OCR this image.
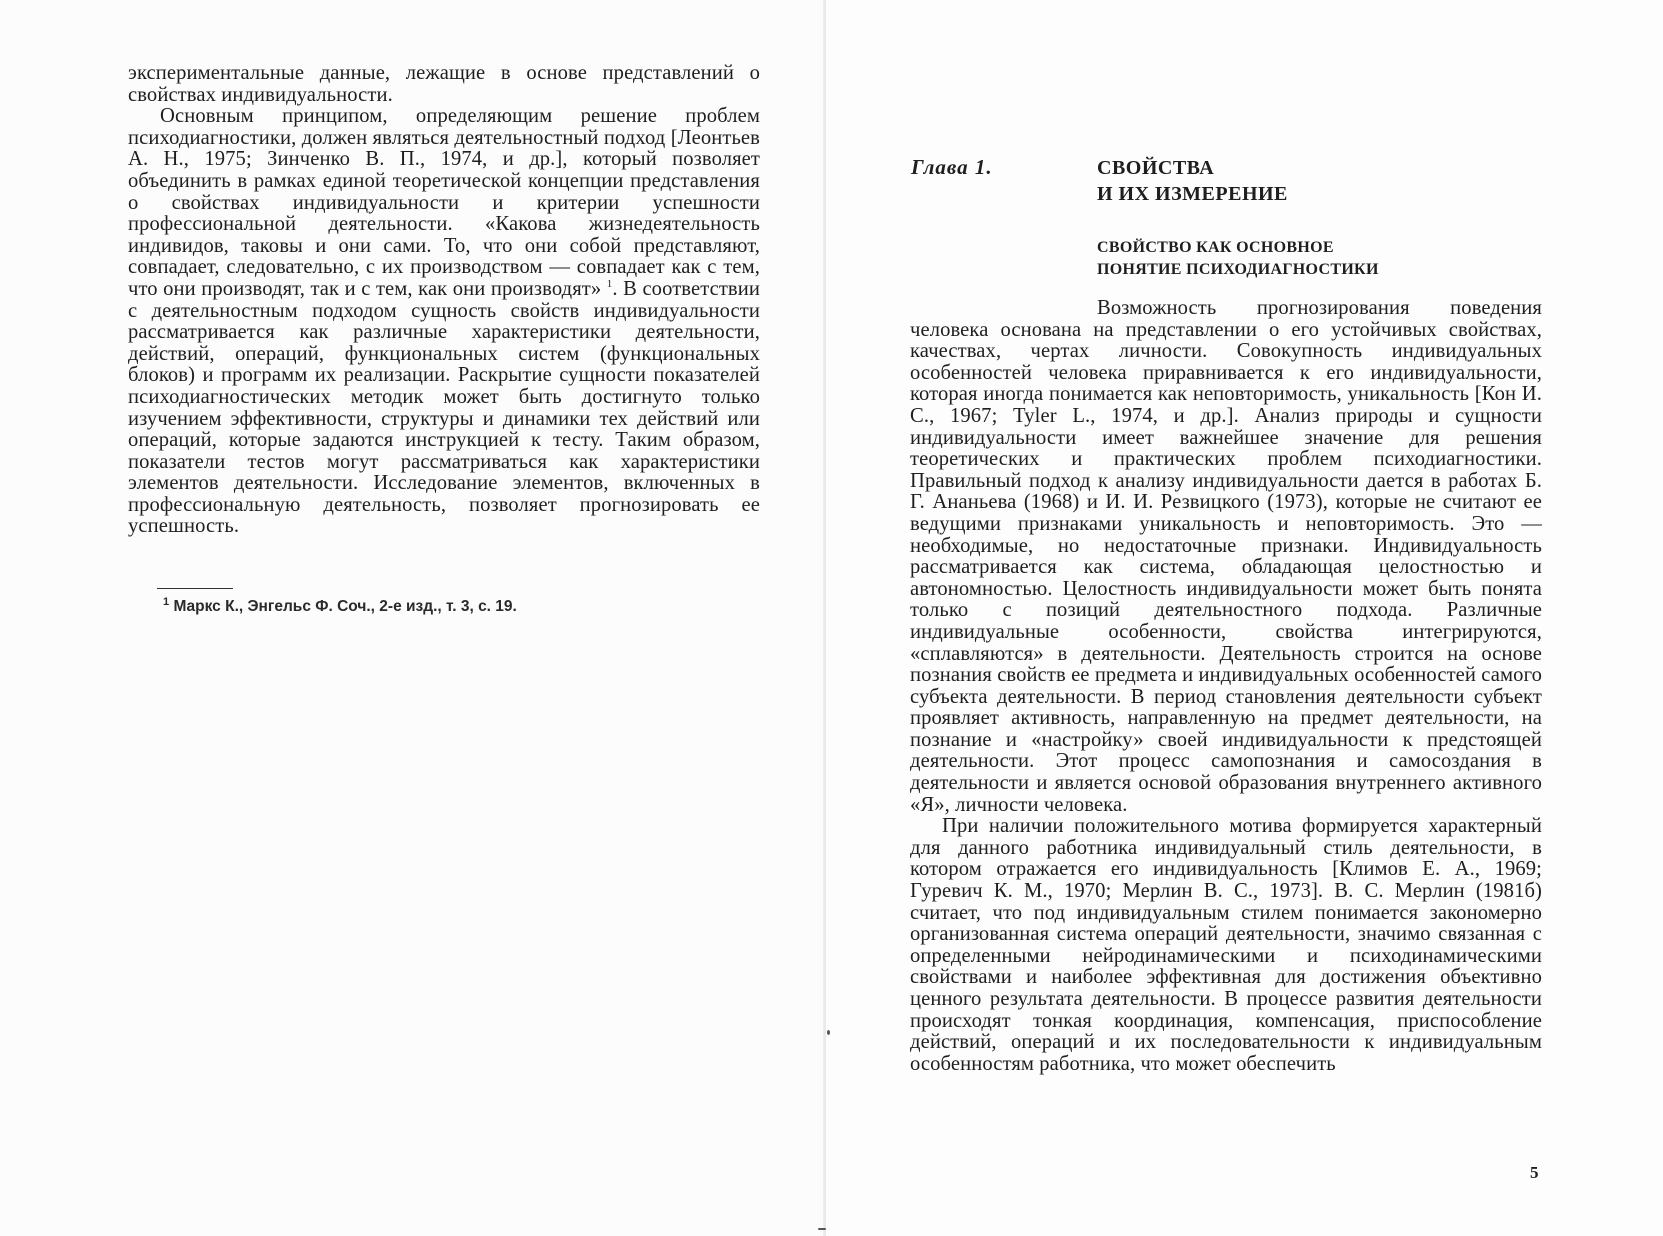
экспериментальные данные, лежащие в основе представлений о свойствах индивидуальности.

Основным принципом, определяющим решение проблем психодиагностики, должен являться деятельностный подход [Леонтьев А. Н., 1975; Зинченко В. П., 1974, и др.], который позволяет объединить в рамках единой теоретической концепции представления о свойствах индивидуальности и критерии успешности профессиональной деятельности. «Какова жизнедеятельность индивидов, таковы и они сами. То, что они собой представляют, совпадает, следовательно, с их производством — совпадает как с тем, что они производят, так и с тем, как они производят» $^1$. В соответствии с деятельностным подходом сущность свойств индивидуальности рассматривается как различные характеристики деятельности, действий, операций, функциональных систем (функциональных блоков) и программ их реализации. Раскрытие сущности показателей психодиагностических методик может быть достигнуто только изучением эффективности, структуры и динамики тех действий или операций, которые задаются инструкцией к тесту. Таким образом, показатели тестов могут рассматриваться как характеристики элементов деятельности. Исследование элементов, включенных в профессиональную деятельность, позволяет прогнозировать ее успешность.

$^1$ Маркс К., Энгельс Ф. Соч., 2-е изд., т. 3, с. 19.
Глава 1.	СВОЙСТВА
И ИХ ИЗМЕРЕНИЕ
СВОЙСТВО КАК ОСНОВНОЕ
ПОНЯТИЕ ПСИХОДИАГНОСТИКИ

Возможность прогнозирования поведения человека основана на представлении о его устойчивых свойствах, качествах, чертах личности. Совокупность индивидуальных особенностей человека приравнивается к его индивидуальности, которая иногда понимается как неповторимость, уникальность [Кон И. С., 1967; Tyler L., 1974, и др.]. Анализ природы и сущности индивидуальности имеет важнейшее значение для решения теоретических и практических проблем психодиагностики. Правильный подход к анализу индивидуальности дается в работах Б. Г. Ананьева (1968) и И. И. Резвицкого (1973), которые не считают ее ведущими признаками уникальность и неповторимость. Это — необходимые, но недостаточные признаки. Индивидуальность рассматривается как система, обладающая целостностью и автономностью. Целостность индивидуальности может быть понята только с позиций деятельностного подхода. Различные индивидуальные особенности, свойства интегрируются, «сплавляются» в деятельности. Деятельность строится на основе познания свойств ее предмета и индивидуальных особенностей самого субъекта деятельности. В период становления деятельности субъект проявляет активность, направленную на предмет деятельности, на познание и «настройку» своей индивидуальности к предстоящей деятельности. Этот процесс самопознания и самосоздания в деятельности и является основой образования внутреннего активного «Я», личности человека.

При наличии положительного мотива формируется характерный для данного работника индивидуальный стиль деятельности, в котором отражается его индивидуальность [Климов Е. А., 1969; Гуревич К. М., 1970; Мерлин В. С., 1973]. В. С. Мерлин (1981б) считает, что под индивидуальным стилем понимается закономерно организованная система операций деятельности, значимо связанная с определенными нейродинамическими и психодинамическими свойствами и наиболее эффективная для достижения объективно ценного результата деятельности. В процессе развития деятельности происходят тонкая координация, компенсация, приспособление действий, операций и их последовательности к индивидуальным особенностям работника, что может обеспечить

5
